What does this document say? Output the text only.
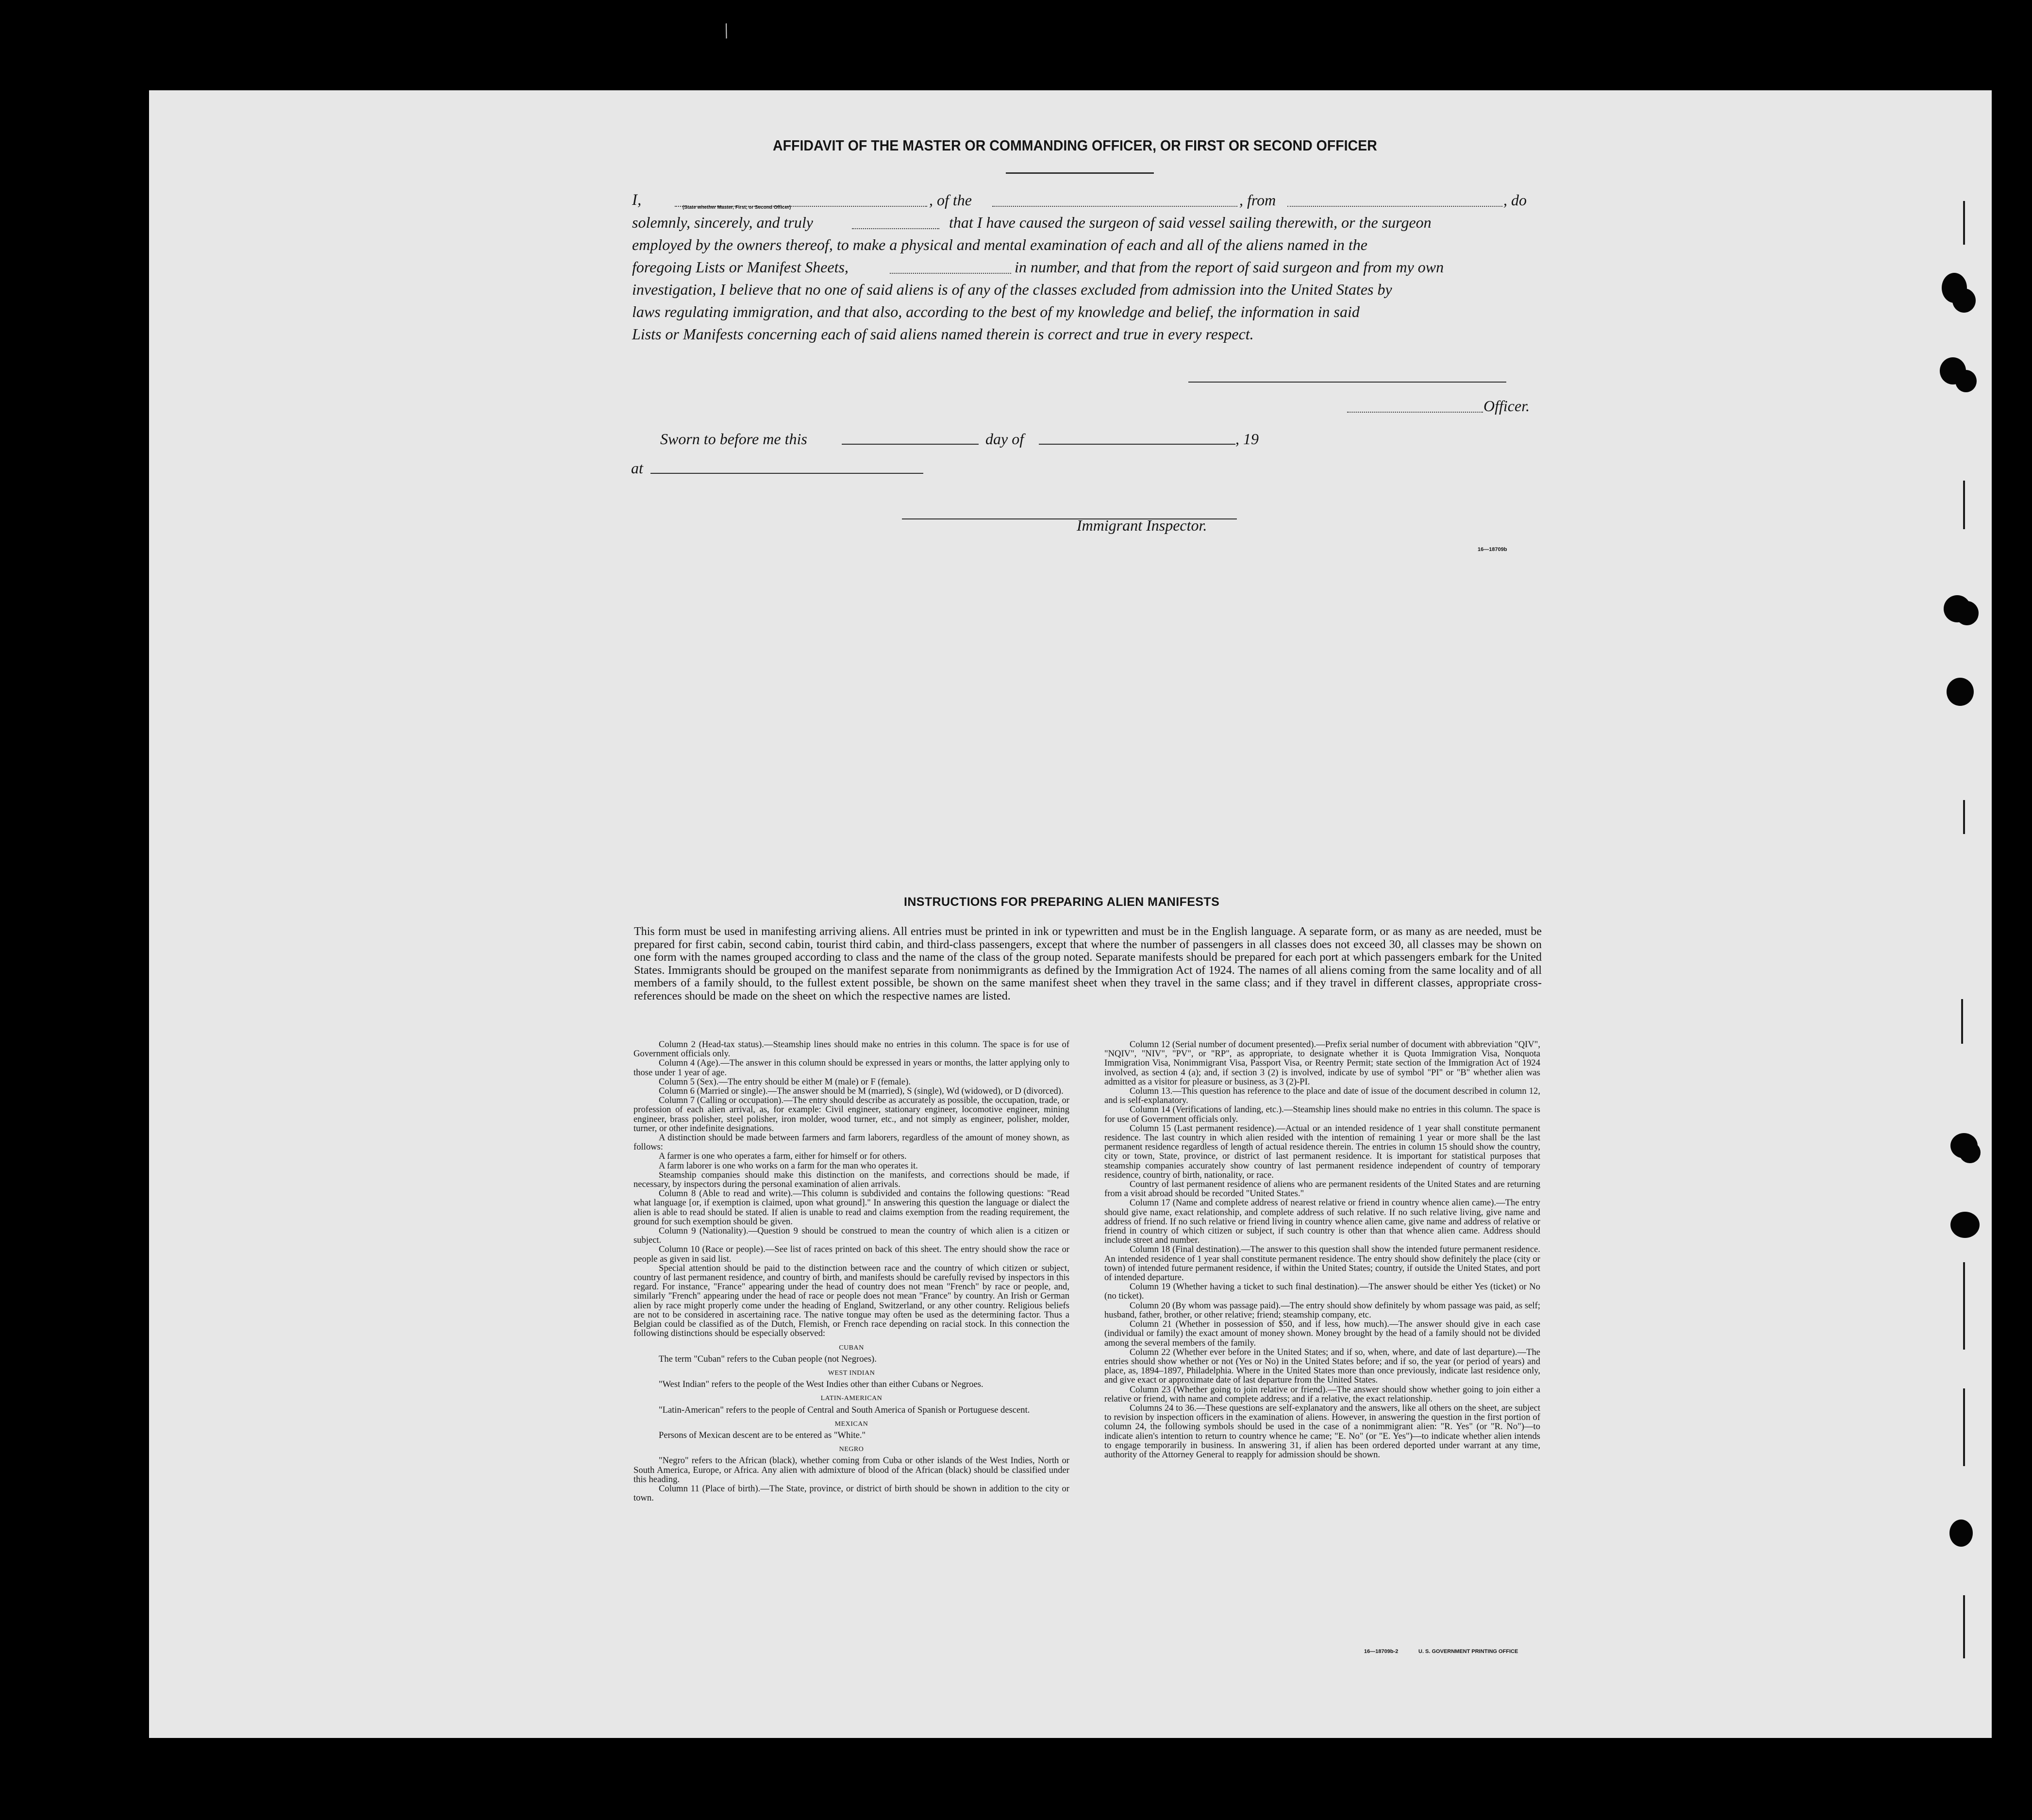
/
AFFIDAVIT OF THE MASTER OR COMMANDING OFFICER, OR FIRST OR SECOND OFFICER
I,	(State whether Master, First, or Second Officer)	, of the	, from	, do
solemnly, sincerely, and truly	that I have caused the surgeon of said vessel sailing therewith, or the surgeon
employed by the owners thereof, to make a physical and mental examination of each and all of the aliens named in the
foregoing Lists or Manifest Sheets,	in number, and that from the report of said surgeon and from my own
investigation, I believe that no one of said aliens is of any of the classes excluded from admission into the United States by
laws regulating immigration, and that also, according to the best of my knowledge and belief, the information in said
Lists or Manifests concerning each of said aliens named therein is correct and true in every respect.
Officer.
Sworn to before me this	day of	, 19
at
Immigrant Inspector.
16—18709b
INSTRUCTIONS FOR PREPARING ALIEN MANIFESTS

This form must be used in manifesting arriving aliens. All entries must be printed in ink or typewritten and must be in the English language. A separate form, or as many as are needed, must be prepared for first cabin, second cabin, tourist third cabin, and third-class passengers, except that where the number of passengers in all classes does not exceed 30, all classes may be shown on one form with the names grouped according to class and the name of the class of the group noted. Separate manifests should be prepared for each port at which passengers embark for the United States. Immigrants should be grouped on the manifest separate from nonimmigrants as defined by the Immigration Act of 1924. The names of all aliens coming from the same locality and of all members of a family should, to the fullest extent possible, be shown on the same manifest sheet when they travel in the same class; and if they travel in different classes, appropriate cross-references should be made on the sheet on which the respective names are listed.

Column 2 (Head-tax status).—Steamship lines should make no entries in this column. The space is for use of Government officials only.

Column 4 (Age).—The answer in this column should be expressed in years or months, the latter applying only to those under 1 year of age.

Column 5 (Sex).—The entry should be either M (male) or F (female).

Column 6 (Married or single).—The answer should be M (married), S (single), Wd (widowed), or D (divorced).

Column 7 (Calling or occupation).—The entry should describe as accurately as possible, the occupation, trade, or profession of each alien arrival, as, for example: Civil engineer, stationary engineer, locomotive engineer, mining engineer, brass polisher, steel polisher, iron molder, wood turner, etc., and not simply as engineer, polisher, molder, turner, or other indefinite designations.

A distinction should be made between farmers and farm laborers, regardless of the amount of money shown, as follows:

A farmer is one who operates a farm, either for himself or for others.

A farm laborer is one who works on a farm for the man who operates it.

Steamship companies should make this distinction on the manifests, and corrections should be made, if necessary, by inspectors during the personal examination of alien arrivals.

Column 8 (Able to read and write).—This column is subdivided and contains the following questions: "Read what language [or, if exemption is claimed, upon what ground]." In answering this question the language or dialect the alien is able to read should be stated. If alien is unable to read and claims exemption from the reading requirement, the ground for such exemption should be given.

Column 9 (Nationality).—Question 9 should be construed to mean the country of which alien is a citizen or subject.

Column 10 (Race or people).—See list of races printed on back of this sheet. The entry should show the race or people as given in said list.

Special attention should be paid to the distinction between race and the country of which citizen or subject, country of last permanent residence, and country of birth, and manifests should be carefully revised by inspectors in this regard. For instance, "France" appearing under the head of country does not mean "French" by race or people, and, similarly "French" appearing under the head of race or people does not mean "France" by country. An Irish or German alien by race might properly come under the heading of England, Switzerland, or any other country. Religious beliefs are not to be considered in ascertaining race. The native tongue may often be used as the determining factor. Thus a Belgian could be classified as of the Dutch, Flemish, or French race depending on racial stock. In this connection the following distinctions should be especially observed:

CUBAN

The term "Cuban" refers to the Cuban people (not Negroes).

WEST INDIAN

"West Indian" refers to the people of the West Indies other than either Cubans or Negroes.

LATIN-AMERICAN

"Latin-American" refers to the people of Central and South America of Spanish or Portuguese descent.

MEXICAN

Persons of Mexican descent are to be entered as "White."

NEGRO

"Negro" refers to the African (black), whether coming from Cuba or other islands of the West Indies, North or South America, Europe, or Africa. Any alien with admixture of blood of the African (black) should be classified under this heading.

Column 11 (Place of birth).—The State, province, or district of birth should be shown in addition to the city or town.

Column 12 (Serial number of document presented).—Prefix serial number of document with abbreviation "QIV", "NQIV", "NIV", "PV", or "RP", as appropriate, to designate whether it is Quota Immigration Visa, Nonquota Immigration Visa, Nonimmigrant Visa, Passport Visa, or Reentry Permit; state section of the Immigration Act of 1924 involved, as section 4 (a); and, if section 3 (2) is involved, indicate by use of symbol "PI" or "B" whether alien was admitted as a visitor for pleasure or business, as 3 (2)-PI.

Column 13.—This question has reference to the place and date of issue of the document described in column 12, and is self-explanatory.

Column 14 (Verifications of landing, etc.).—Steamship lines should make no entries in this column. The space is for use of Government officials only.

Column 15 (Last permanent residence).—Actual or an intended residence of 1 year shall constitute permanent residence. The last country in which alien resided with the intention of remaining 1 year or more shall be the last permanent residence regardless of length of actual residence therein. The entries in column 15 should show the country, city or town, State, province, or district of last permanent residence. It is important for statistical purposes that steamship companies accurately show country of last permanent residence independent of country of temporary residence, country of birth, nationality, or race.

Country of last permanent residence of aliens who are permanent residents of the United States and are returning from a visit abroad should be recorded "United States."

Column 17 (Name and complete address of nearest relative or friend in country whence alien came).—The entry should give name, exact relationship, and complete address of such relative. If no such relative living, give name and address of friend. If no such relative or friend living in country whence alien came, give name and address of relative or friend in country of which citizen or subject, if such country is other than that whence alien came. Address should include street and number.

Column 18 (Final destination).—The answer to this question shall show the intended future permanent residence. An intended residence of 1 year shall constitute permanent residence. The entry should show definitely the place (city or town) of intended future permanent residence, if within the United States; country, if outside the United States, and port of intended departure.

Column 19 (Whether having a ticket to such final destination).—The answer should be either Yes (ticket) or No (no ticket).

Column 20 (By whom was passage paid).—The entry should show definitely by whom passage was paid, as self; husband, father, brother, or other relative; friend; steamship company, etc.

Column 21 (Whether in possession of $50, and if less, how much).—The answer should give in each case (individual or family) the exact amount of money shown. Money brought by the head of a family should not be divided among the several members of the family.

Column 22 (Whether ever before in the United States; and if so, when, where, and date of last departure).—The entries should show whether or not (Yes or No) in the United States before; and if so, the year (or period of years) and place, as, 1894–1897, Philadelphia. Where in the United States more than once previously, indicate last residence only, and give exact or approximate date of last departure from the United States.

Column 23 (Whether going to join relative or friend).—The answer should show whether going to join either a relative or friend, with name and complete address; and if a relative, the exact relationship.

Columns 24 to 36.—These questions are self-explanatory and the answers, like all others on the sheet, are subject to revision by inspection officers in the examination of aliens. However, in answering the question in the first portion of column 24, the following symbols should be used in the case of a nonimmigrant alien: "R. Yes" (or "R. No")—to indicate alien's intention to return to country whence he came; "E. No" (or "E. Yes")—to indicate whether alien intends to engage temporarily in business. In answering 31, if alien has been ordered deported under warrant at any time, authority of the Attorney General to reapply for admission should be shown.

16—18709b-2	U. S. GOVERNMENT PRINTING OFFICE
